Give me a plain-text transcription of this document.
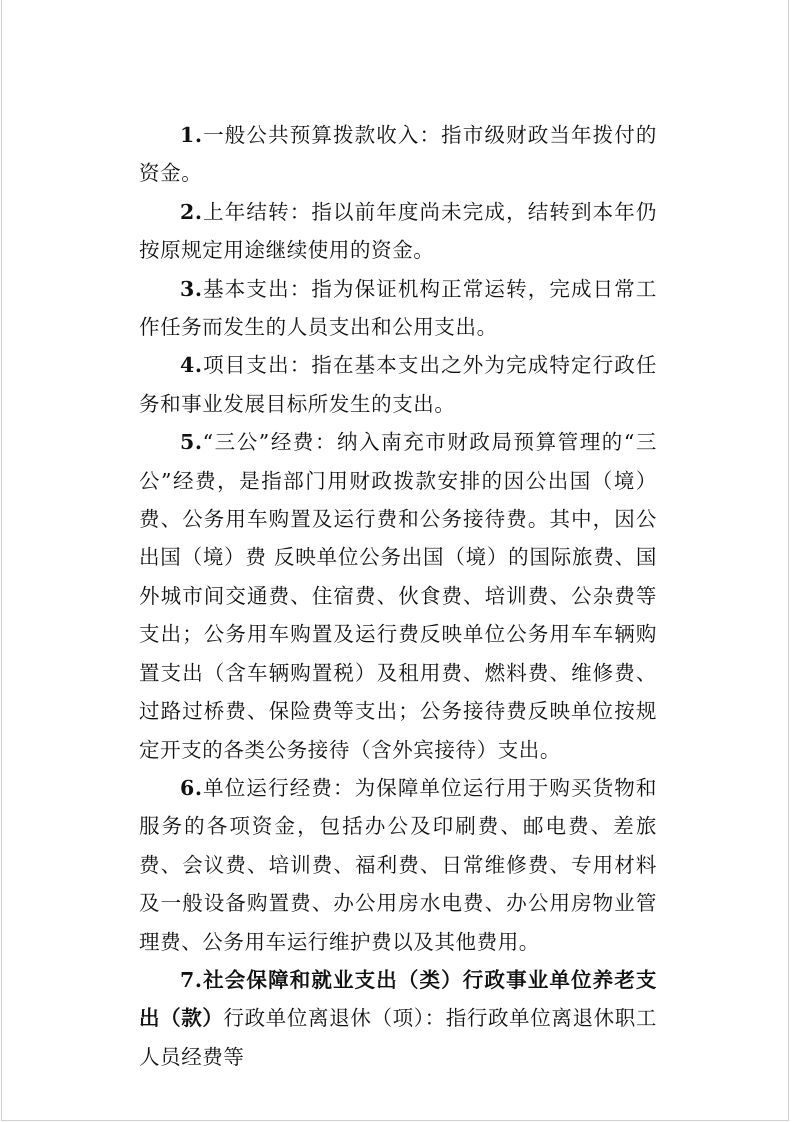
1.一般公共预算拨款收入：指市级财政当年拨付的资金。

2.上年结转：指以前年度尚未完成，结转到本年仍按原规定用途继续使用的资金。

3.基本支出：指为保证机构正常运转，完成日常工作任务而发生的人员支出和公用支出。

4.项目支出：指在基本支出之外为完成特定行政任务和事业发展目标所发生的支出。

5.“三公”经费：纳入南充市财政局预算管理的“三公”经费，是指部门用财政拨款安排的因公出国（境）费、公务用车购置及运行费和公务接待费。其中，因公出国（境）费 反映单位公务出国（境）的国际旅费、国外城市间交通费、住宿费、伙食费、培训费、公杂费等支出；公务用车购置及运行费反映单位公务用车车辆购置支出（含车辆购置税）及租用费、燃料费、维修费、过路过桥费、保险费等支出；公务接待费反映单位按规定开支的各类公务接待（含外宾接待）支出。

6.单位运行经费：为保障单位运行用于购买货物和服务的各项资金，包括办公及印刷费、邮电费、差旅费、会议费、培训费、福利费、日常维修费、专用材料及一般设备购置费、办公用房水电费、办公用房物业管理费、公务用车运行维护费以及其他费用。

7.社会保障和就业支出（类）行政事业单位养老支出（款）行政单位离退休（项）：指行政单位离退休职工人员经费等
